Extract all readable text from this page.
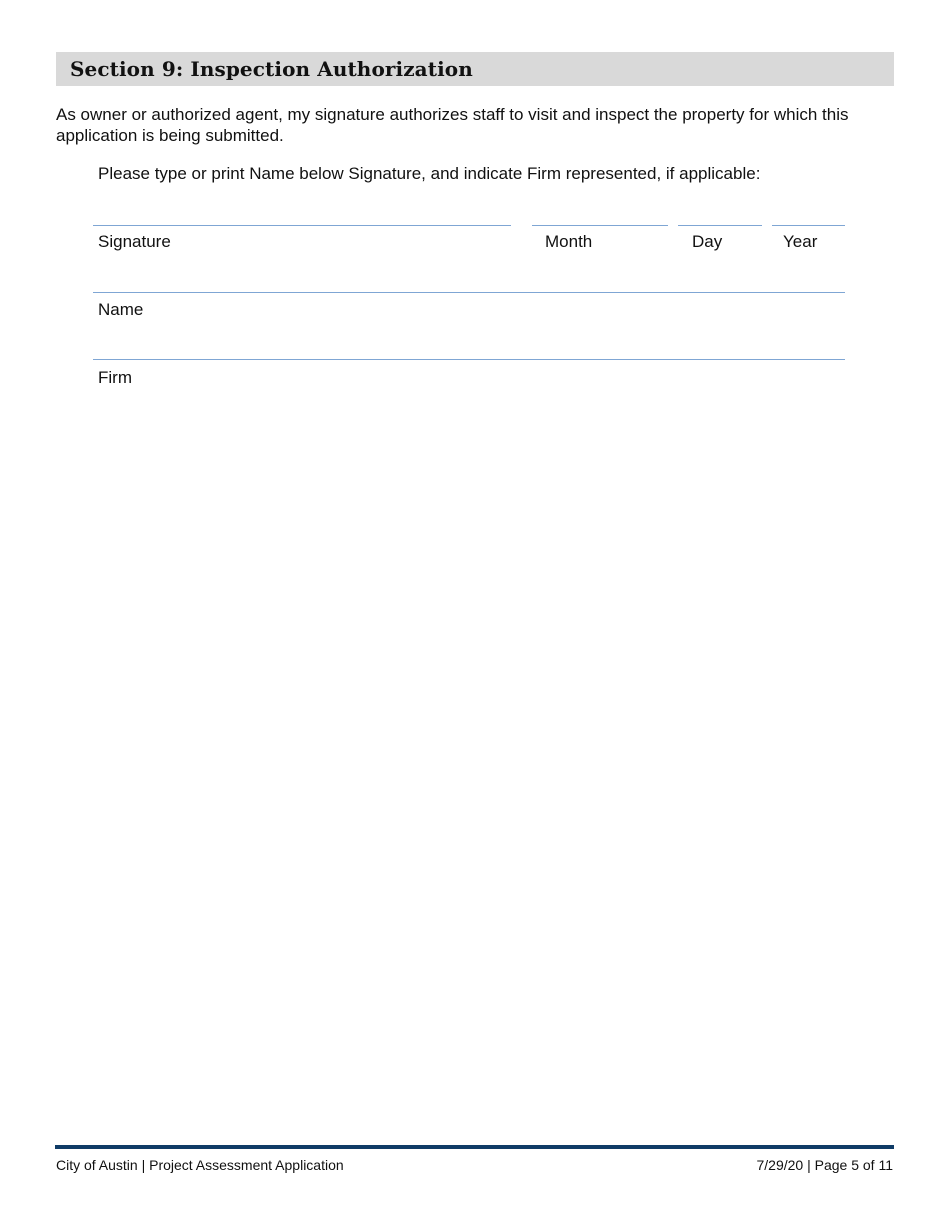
Section 9: Inspection Authorization

As owner or authorized agent, my signature authorizes staff to visit and inspect the property for which this application is being submitted.

Please type or print Name below Signature, and indicate Firm represented, if applicable:

Signature	Month	Day	Year
Name
Firm
City of Austin | Project Assessment Application	7/29/20 | Page 5 of 11
